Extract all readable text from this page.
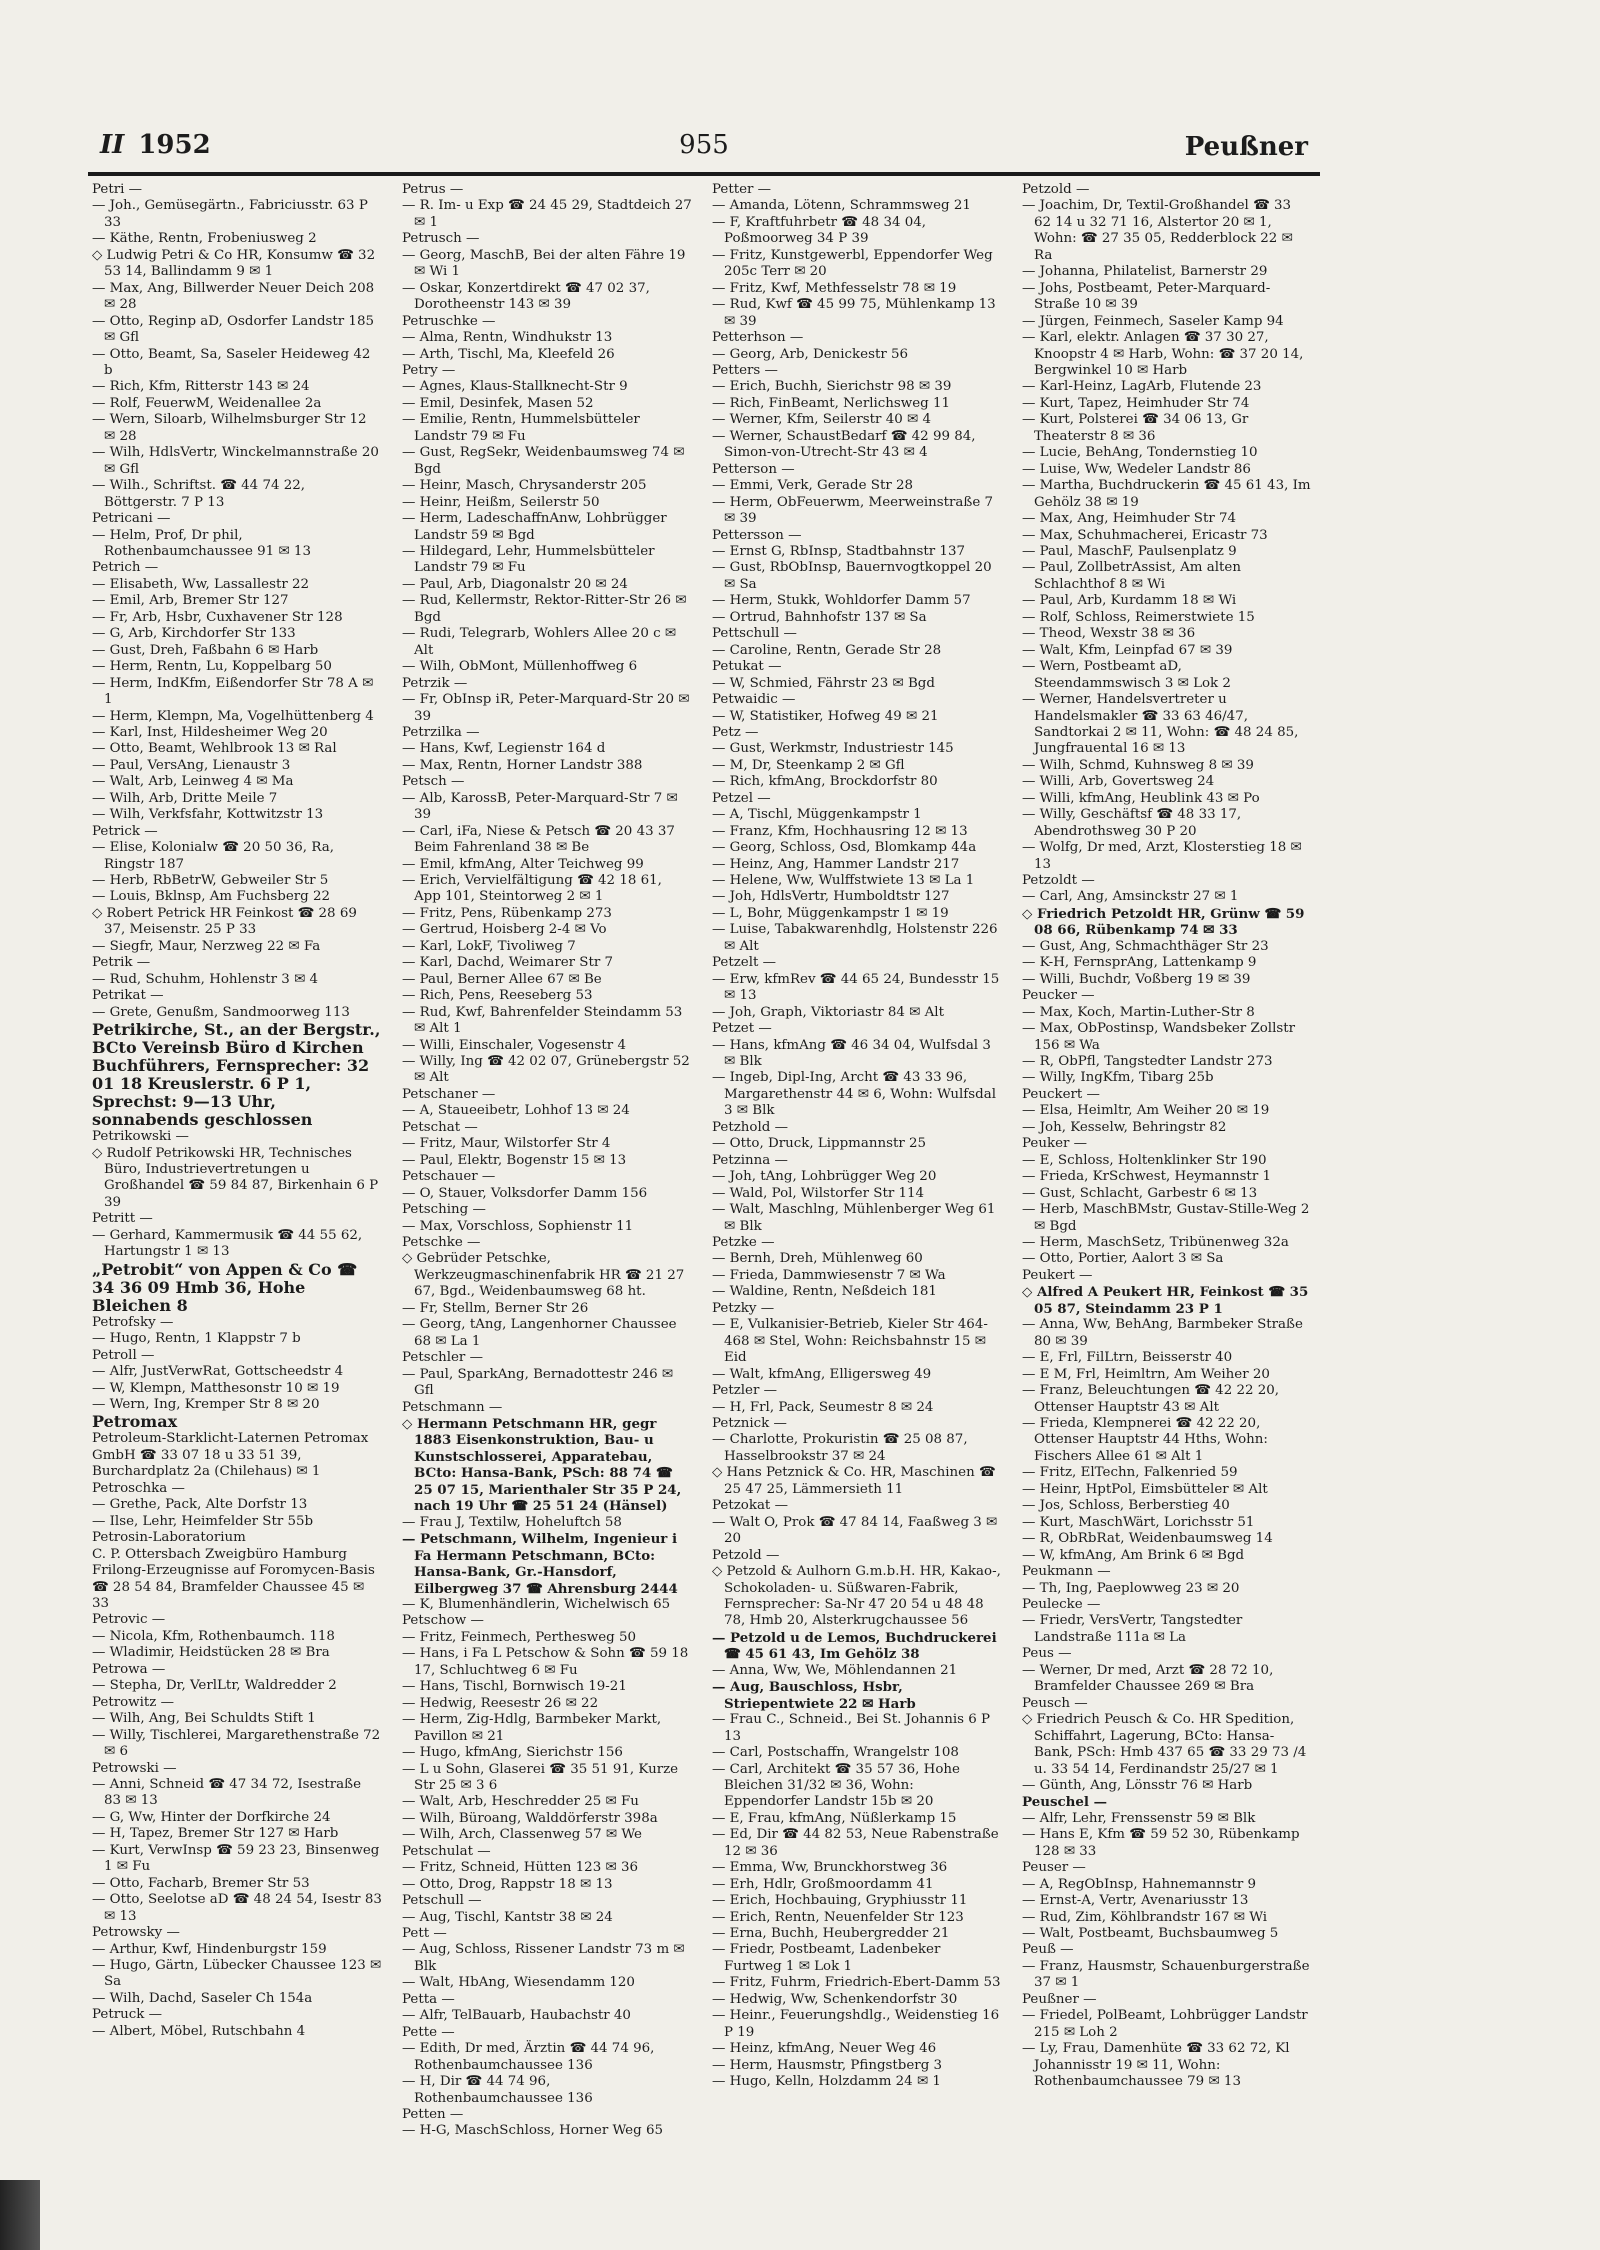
II 1952	955	Peußner

Petri —

— Joh., Gemüsegärtn., Fabriciusstr. 63 P 33

— Käthe, Rentn, Frobeniusweg 2

◇ Ludwig Petri & Co HR, Konsumw ☎ 32 53 14, Ballindamm 9 ✉ 1

— Max, Ang, Billwerder Neuer Deich 208 ✉ 28

— Otto, Reginp aD, Osdorfer Landstr 185 ✉ Gfl

— Otto, Beamt, Sa, Saseler Heideweg 42 b

— Rich, Kfm, Ritterstr 143 ✉ 24

— Rolf, FeuerwM, Weidenallee 2a

— Wern, Siloarb, Wilhelmsburger Str 12 ✉ 28

— Wilh, HdlsVertr, Winckelmannstraße 20 ✉ Gfl

— Wilh., Schriftst. ☎ 44 74 22, Böttgerstr. 7 P 13

Petricani —

— Helm, Prof, Dr phil, Rothenbaumchaussee 91 ✉ 13

Petrich —

— Elisabeth, Ww, Lassallestr 22

— Emil, Arb, Bremer Str 127

— Fr, Arb, Hsbr, Cuxhavener Str 128

— G, Arb, Kirchdorfer Str 133

— Gust, Dreh, Faßbahn 6 ✉ Harb

— Herm, Rentn, Lu, Koppelbarg 50

— Herm, IndKfm, Eißendorfer Str 78 A ✉ 1

— Herm, Klempn, Ma, Vogelhüttenberg 4

— Karl, Inst, Hildesheimer Weg 20

— Otto, Beamt, Wehlbrook 13 ✉ Ral

— Paul, VersAng, Lienaustr 3

— Walt, Arb, Leinweg 4 ✉ Ma

— Wilh, Arb, Dritte Meile 7

— Wilh, Verkfsfahr, Kottwitzstr 13

Petrick —

— Elise, Kolonialw ☎ 20 50 36, Ra, Ringstr 187

— Herb, RbBetrW, Gebweiler Str 5

— Louis, Bklnsp, Am Fuchsberg 22

◇ Robert Petrick HR Feinkost ☎ 28 69 37, Meisenstr. 25 P 33

— Siegfr, Maur, Nerzweg 22 ✉ Fa

Petrik —

— Rud, Schuhm, Hohlenstr 3 ✉ 4

Petrikat —

— Grete, Genußm, Sandmoorweg 113

Petrikirche, St., an der Bergstr., BCto Vereinsb Büro d Kirchen Buchführers, Fernsprecher: 32 01 18 Kreuslerstr. 6 P 1, Sprechst: 9—13 Uhr, sonnabends geschlossen

Petrikowski —

◇ Rudolf Petrikowski HR, Technisches Büro, Industrievertretungen u Großhandel ☎ 59 84 87, Birkenhain 6 P 39

Petritt —

— Gerhard, Kammermusik ☎ 44 55 62, Hartungstr 1 ✉ 13

„Petrobit“ von Appen & Co ☎ 34 36 09 Hmb 36, Hohe Bleichen 8

Petrofsky —

— Hugo, Rentn, 1 Klappstr 7 b

Petroll —

— Alfr, JustVerwRat, Gottscheedstr 4

— W, Klempn, Matthesonstr 10 ✉ 19

— Wern, Ing, Kremper Str 8 ✉ 20

Petromax

Petroleum-Starklicht-Laternen Petromax GmbH ☎ 33 07 18 u 33 51 39, Burchardplatz 2a (Chilehaus) ✉ 1

Petroschka —

— Grethe, Pack, Alte Dorfstr 13

— Ilse, Lehr, Heimfelder Str 55b

Petrosin-Laboratorium

C. P. Ottersbach Zweigbüro Hamburg Frilong-Erzeugnisse auf Foromycen-Basis ☎ 28 54 84, Bramfelder Chaussee 45 ✉ 33

Petrovic —

— Nicola, Kfm, Rothenbaumch. 118

— Wladimir, Heidstücken 28 ✉ Bra

Petrowa —

— Stepha, Dr, VerlLtr, Waldredder 2

Petrowitz —

— Wilh, Ang, Bei Schuldts Stift 1

— Willy, Tischlerei, Margarethenstraße 72 ✉ 6

Petrowski —

— Anni, Schneid ☎ 47 34 72, Isestraße 83 ✉ 13

— G, Ww, Hinter der Dorfkirche 24

— H, Tapez, Bremer Str 127 ✉ Harb

— Kurt, VerwInsp ☎ 59 23 23, Binsenweg 1 ✉ Fu

— Otto, Facharb, Bremer Str 53

— Otto, Seelotse aD ☎ 48 24 54, Isestr 83 ✉ 13

Petrowsky —

— Arthur, Kwf, Hindenburgstr 159

— Hugo, Gärtn, Lübecker Chaussee 123 ✉ Sa

— Wilh, Dachd, Saseler Ch 154a

Petruck —

— Albert, Möbel, Rutschbahn 4

Petrus —

— R. Im- u Exp ☎ 24 45 29, Stadtdeich 27 ✉ 1

Petrusch —

— Georg, MaschB, Bei der alten Fähre 19 ✉ Wi 1

— Oskar, Konzertdirekt ☎ 47 02 37, Dorotheenstr 143 ✉ 39

Petruschke —

— Alma, Rentn, Windhukstr 13

— Arth, Tischl, Ma, Kleefeld 26

Petry —

— Agnes, Klaus-Stallknecht-Str 9

— Emil, Desinfek, Masen 52

— Emilie, Rentn, Hummelsbütteler Landstr 79 ✉ Fu

— Gust, RegSekr, Weidenbaumsweg 74 ✉ Bgd

— Heinr, Masch, Chrysanderstr 205

— Heinr, Heißm, Seilerstr 50

— Herm, LadeschaffnAnw, Lohbrügger Landstr 59 ✉ Bgd

— Hildegard, Lehr, Hummelsbütteler Landstr 79 ✉ Fu

— Paul, Arb, Diagonalstr 20 ✉ 24

— Rud, Kellermstr, Rektor-Ritter-Str 26 ✉ Bgd

— Rudi, Telegrarb, Wohlers Allee 20 c ✉ Alt

— Wilh, ObMont, Müllenhoffweg 6

Petrzik —

— Fr, ObInsp iR, Peter-Marquard-Str 20 ✉ 39

Petrzilka —

— Hans, Kwf, Legienstr 164 d

— Max, Rentn, Horner Landstr 388

Petsch —

— Alb, KarossB, Peter-Marquard-Str 7 ✉ 39

— Carl, iFa, Niese & Petsch ☎ 20 43 37 Beim Fahrenland 38 ✉ Be

— Emil, kfmAng, Alter Teichweg 99

— Erich, Vervielfältigung ☎ 42 18 61, App 101, Steintorweg 2 ✉ 1

— Fritz, Pens, Rübenkamp 273

— Gertrud, Hoisberg 2-4 ✉ Vo

— Karl, LokF, Tivoliweg 7

— Karl, Dachd, Weimarer Str 7

— Paul, Berner Allee 67 ✉ Be

— Rich, Pens, Reeseberg 53

— Rud, Kwf, Bahrenfelder Steindamm 53 ✉ Alt 1

— Willi, Einschaler, Vogesenstr 4

— Willy, Ing ☎ 42 02 07, Grünebergstr 52 ✉ Alt

Petschaner —

— A, Staueeibetr, Lohhof 13 ✉ 24

Petschat —

— Fritz, Maur, Wilstorfer Str 4

— Paul, Elektr, Bogenstr 15 ✉ 13

Petschauer —

— O, Stauer, Volksdorfer Damm 156

Petsching —

— Max, Vorschloss, Sophienstr 11

Petschke —

◇ Gebrüder Petschke, Werkzeugmaschinenfabrik HR ☎ 21 27 67, Bgd., Weidenbaumsweg 68 ht.

— Fr, Stellm, Berner Str 26

— Georg, tAng, Langenhorner Chaussee 68 ✉ La 1

Petschler —

— Paul, SparkAng, Bernadottestr 246 ✉ Gfl

Petschmann —

◇ Hermann Petschmann HR, gegr 1883 Eisenkonstruktion, Bau- u Kunstschlosserei, Apparatebau, BCto: Hansa-Bank, PSch: 88 74 ☎ 25 07 15, Marienthaler Str 35 P 24, nach 19 Uhr ☎ 25 51 24 (Hänsel)

— Frau J, Textilw, Hoheluftch 58

— Petschmann, Wilhelm, Ingenieur i Fa Hermann Petschmann, BCto: Hansa-Bank, Gr.-Hansdorf, Eilbergweg 37 ☎ Ahrensburg 2444

— K, Blumenhändlerin, Wichelwisch 65

Petschow —

— Fritz, Feinmech, Perthesweg 50

— Hans, i Fa L Petschow & Sohn ☎ 59 18 17, Schluchtweg 6 ✉ Fu

— Hans, Tischl, Bornwisch 19-21

— Hedwig, Reesestr 26 ✉ 22

— Herm, Zig-Hdlg, Barmbeker Markt, Pavillon ✉ 21

— Hugo, kfmAng, Sierichstr 156

— L u Sohn, Glaserei ☎ 35 51 91, Kurze Str 25 ✉ 3 6

— Walt, Arb, Heschredder 25 ✉ Fu

— Wilh, Büroang, Walddörferstr 398a

— Wilh, Arch, Classenweg 57 ✉ We

Petschulat —

— Fritz, Schneid, Hütten 123 ✉ 36

— Otto, Drog, Rappstr 18 ✉ 13

Petschull —

— Aug, Tischl, Kantstr 38 ✉ 24

Pett —

— Aug, Schloss, Rissener Landstr 73 m ✉ Blk

— Walt, HbAng, Wiesendamm 120

Petta —

— Alfr, TelBauarb, Haubachstr 40

Pette —

— Edith, Dr med, Ärztin ☎ 44 74 96, Rothenbaumchaussee 136

— H, Dir ☎ 44 74 96, Rothenbaumchaussee 136

Petten —

— H-G, MaschSchloss, Horner Weg 65

Petter —

— Amanda, Lötenn, Schrammsweg 21

— F, Kraftfuhrbetr ☎ 48 34 04, Poßmoorweg 34 P 39

— Fritz, Kunstgewerbl, Eppendorfer Weg 205c Terr ✉ 20

— Fritz, Kwf, Methfesselstr 78 ✉ 19

— Rud, Kwf ☎ 45 99 75, Mühlenkamp 13 ✉ 39

Petterhson —

— Georg, Arb, Denickestr 56

Petters —

— Erich, Buchh, Sierichstr 98 ✉ 39

— Rich, FinBeamt, Nerlichsweg 11

— Werner, Kfm, Seilerstr 40 ✉ 4

— Werner, SchaustBedarf ☎ 42 99 84, Simon-von-Utrecht-Str 43 ✉ 4

Petterson —

— Emmi, Verk, Gerade Str 28

— Herm, ObFeuerwm, Meerweinstraße 7 ✉ 39

Pettersson —

— Ernst G, RbInsp, Stadtbahnstr 137

— Gust, RbObInsp, Bauernvogtkoppel 20 ✉ Sa

— Herm, Stukk, Wohldorfer Damm 57

— Ortrud, Bahnhofstr 137 ✉ Sa

Pettschull —

— Caroline, Rentn, Gerade Str 28

Petukat —

— W, Schmied, Fährstr 23 ✉ Bgd

Petwaidic —

— W, Statistiker, Hofweg 49 ✉ 21

Petz —

— Gust, Werkmstr, Industriestr 145

— M, Dr, Steenkamp 2 ✉ Gfl

— Rich, kfmAng, Brockdorfstr 80

Petzel —

— A, Tischl, Müggenkampstr 1

— Franz, Kfm, Hochhausring 12 ✉ 13

— Georg, Schloss, Osd, Blomkamp 44a

— Heinz, Ang, Hammer Landstr 217

— Helene, Ww, Wulffstwiete 13 ✉ La 1

— Joh, HdlsVertr, Humboldtstr 127

— L, Bohr, Müggenkampstr 1 ✉ 19

— Luise, Tabakwarenhdlg, Holstenstr 226 ✉ Alt

Petzelt —

— Erw, kfmRev ☎ 44 65 24, Bundesstr 15 ✉ 13

— Joh, Graph, Viktoriastr 84 ✉ Alt

Petzet —

— Hans, kfmAng ☎ 46 34 04, Wulfsdal 3 ✉ Blk

— Ingeb, Dipl-Ing, Archt ☎ 43 33 96, Margarethenstr 44 ✉ 6, Wohn: Wulfsdal 3 ✉ Blk

Petzhold —

— Otto, Druck, Lippmannstr 25

Petzinna —

— Joh, tAng, Lohbrügger Weg 20

— Wald, Pol, Wilstorfer Str 114

— Walt, Maschlng, Mühlenberger Weg 61 ✉ Blk

Petzke —

— Bernh, Dreh, Mühlenweg 60

— Frieda, Dammwiesenstr 7 ✉ Wa

— Waldine, Rentn, Neßdeich 181

Petzky —

— E, Vulkanisier-Betrieb, Kieler Str 464-468 ✉ Stel, Wohn: Reichsbahnstr 15 ✉ Eid

— Walt, kfmAng, Elligersweg 49

Petzler —

— H, Frl, Pack, Seumestr 8 ✉ 24

Petznick —

— Charlotte, Prokuristin ☎ 25 08 87, Hasselbrookstr 37 ✉ 24

◇ Hans Petznick & Co. HR, Maschinen ☎ 25 47 25, Lämmersieth 11

Petzokat —

— Walt O, Prok ☎ 47 84 14, Faaßweg 3 ✉ 20

Petzold —

◇ Petzold & Aulhorn G.m.b.H. HR, Kakao-, Schokoladen- u. Süßwaren-Fabrik, Fernsprecher: Sa-Nr 47 20 54 u 48 48 78, Hmb 20, Alsterkrugchaussee 56

— Petzold u de Lemos, Buchdruckerei ☎ 45 61 43, Im Gehölz 38

— Anna, Ww, We, Möhlendannen 21

— Aug, Bauschloss, Hsbr, Striepentwiete 22 ✉ Harb

— Frau C., Schneid., Bei St. Johannis 6 P 13

— Carl, Postschaffn, Wrangelstr 108

— Carl, Architekt ☎ 35 57 36, Hohe Bleichen 31/32 ✉ 36, Wohn: Eppendorfer Landstr 15b ✉ 20

— E, Frau, kfmAng, Nüßlerkamp 15

— Ed, Dir ☎ 44 82 53, Neue Rabenstraße 12 ✉ 36

— Emma, Ww, Brunckhorstweg 36

— Erh, Hdlr, Großmoordamm 41

— Erich, Hochbauing, Gryphiusstr 11

— Erich, Rentn, Neuenfelder Str 123

— Erna, Buchh, Heubergredder 21

— Friedr, Postbeamt, Ladenbeker Furtweg 1 ✉ Lok 1

— Fritz, Fuhrm, Friedrich-Ebert-Damm 53

— Hedwig, Ww, Schenkendorfstr 30

— Heinr., Feuerungshdlg., Weidenstieg 16 P 19

— Heinz, kfmAng, Neuer Weg 46

— Herm, Hausmstr, Pfingstberg 3

— Hugo, Kelln, Holzdamm 24 ✉ 1

Petzold —

— Joachim, Dr, Textil-Großhandel ☎ 33 62 14 u 32 71 16, Alstertor 20 ✉ 1, Wohn: ☎ 27 35 05, Redderblock 22 ✉ Ra

— Johanna, Philatelist, Barnerstr 29

— Johs, Postbeamt, Peter-Marquard-Straße 10 ✉ 39

— Jürgen, Feinmech, Saseler Kamp 94

— Karl, elektr. Anlagen ☎ 37 30 27, Knoopstr 4 ✉ Harb, Wohn: ☎ 37 20 14, Bergwinkel 10 ✉ Harb

— Karl-Heinz, LagArb, Flutende 23

— Kurt, Tapez, Heimhuder Str 74

— Kurt, Polsterei ☎ 34 06 13, Gr Theaterstr 8 ✉ 36

— Lucie, BehAng, Tondernstieg 10

— Luise, Ww, Wedeler Landstr 86

— Martha, Buchdruckerin ☎ 45 61 43, Im Gehölz 38 ✉ 19

— Max, Ang, Heimhuder Str 74

— Max, Schuhmacherei, Ericastr 73

— Paul, MaschF, Paulsenplatz 9

— Paul, ZollbetrAssist, Am alten Schlachthof 8 ✉ Wi

— Paul, Arb, Kurdamm 18 ✉ Wi

— Rolf, Schloss, Reimerstwiete 15

— Theod, Wexstr 38 ✉ 36

— Walt, Kfm, Leinpfad 67 ✉ 39

— Wern, Postbeamt aD, Steendammswisch 3 ✉ Lok 2

— Werner, Handelsvertreter u Handelsmakler ☎ 33 63 46/47, Sandtorkai 2 ✉ 11, Wohn: ☎ 48 24 85, Jungfrauental 16 ✉ 13

— Wilh, Schmd, Kuhnsweg 8 ✉ 39

— Willi, Arb, Govertsweg 24

— Willi, kfmAng, Heublink 43 ✉ Po

— Willy, Geschäftsf ☎ 48 33 17, Abendrothsweg 30 P 20

— Wolfg, Dr med, Arzt, Klosterstieg 18 ✉ 13

Petzoldt —

— Carl, Ang, Amsinckstr 27 ✉ 1

◇ Friedrich Petzoldt HR, Grünw ☎ 59 08 66, Rübenkamp 74 ✉ 33

— Gust, Ang, Schmachthäger Str 23

— K-H, FernsprAng, Lattenkamp 9

— Willi, Buchdr, Voßberg 19 ✉ 39

Peucker —

— Max, Koch, Martin-Luther-Str 8

— Max, ObPostinsp, Wandsbeker Zollstr 156 ✉ Wa

— R, ObPfl, Tangstedter Landstr 273

— Willy, IngKfm, Tibarg 25b

Peuckert —

— Elsa, Heimltr, Am Weiher 20 ✉ 19

— Joh, Kesselw, Behringstr 82

Peuker —

— E, Schloss, Holtenklinker Str 190

— Frieda, KrSchwest, Heymannstr 1

— Gust, Schlacht, Garbestr 6 ✉ 13

— Herb, MaschBMstr, Gustav-Stille-Weg 2 ✉ Bgd

— Herm, MaschSetz, Tribünenweg 32a

— Otto, Portier, Aalort 3 ✉ Sa

Peukert —

◇ Alfred A Peukert HR, Feinkost ☎ 35 05 87, Steindamm 23 P 1

— Anna, Ww, BehAng, Barmbeker Straße 80 ✉ 39

— E, Frl, FilLtrn, Beisserstr 40

— E M, Frl, Heimltrn, Am Weiher 20

— Franz, Beleuchtungen ☎ 42 22 20, Ottenser Hauptstr 43 ✉ Alt

— Frieda, Klempnerei ☎ 42 22 20, Ottenser Hauptstr 44 Hths, Wohn: Fischers Allee 61 ✉ Alt 1

— Fritz, ElTechn, Falkenried 59

— Heinr, HptPol, Eimsbütteler ✉ Alt

— Jos, Schloss, Berberstieg 40

— Kurt, MaschWärt, Lorichsstr 51

— R, ObRbRat, Weidenbaumsweg 14

— W, kfmAng, Am Brink 6 ✉ Bgd

Peukmann —

— Th, Ing, Paeplowweg 23 ✉ 20

Peulecke —

— Friedr, VersVertr, Tangstedter Landstraße 111a ✉ La

Peus —

— Werner, Dr med, Arzt ☎ 28 72 10, Bramfelder Chaussee 269 ✉ Bra

Peusch —

◇ Friedrich Peusch & Co. HR Spedition, Schiffahrt, Lagerung, BCto: Hansa-Bank, PSch: Hmb 437 65 ☎ 33 29 73 /4 u. 33 54 14, Ferdinandstr 25/27 ✉ 1

— Günth, Ang, Lönsstr 76 ✉ Harb

Peuschel —

— Alfr, Lehr, Frenssenstr 59 ✉ Blk

— Hans E, Kfm ☎ 59 52 30, Rübenkamp 128 ✉ 33

Peuser —

— A, RegObInsp, Hahnemannstr 9

— Ernst-A, Vertr, Avenariusstr 13

— Rud, Zim, Köhlbrandstr 167 ✉ Wi

— Walt, Postbeamt, Buchsbaumweg 5

Peuß —

— Franz, Hausmstr, Schauenburgerstraße 37 ✉ 1

Peußner —

— Friedel, PolBeamt, Lohbrügger Landstr 215 ✉ Loh 2

— Ly, Frau, Damenhüte ☎ 33 62 72, Kl Johannisstr 19 ✉ 11, Wohn: Rothenbaumchaussee 79 ✉ 13
